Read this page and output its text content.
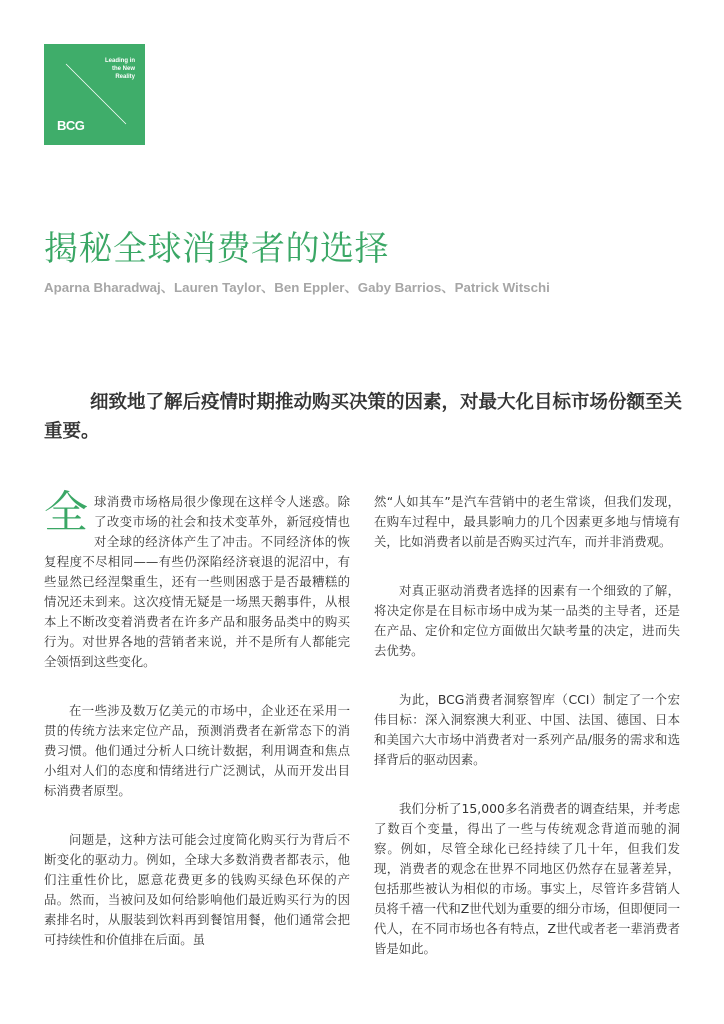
Leading in
the New
Reality
BCG
揭秘全球消费者的选择
Aparna Bharadwaj、Lauren Taylor、Ben Eppler、Gaby Barrios、Patrick Witschi

细致地了解后疫情时期推动购买决策的因素，对最大化目标市场份额至关重要。

全球消费市场格局很少像现在这样令人迷惑。除了改变市场的社会和技术变革外，新冠疫情也对全球的经济体产生了冲击。不同经济体的恢复程度不尽相同——有些仍深陷经济衰退的泥沼中，有些显然已经涅槃重生，还有一些则困惑于是否最糟糕的情况还未到来。这次疫情无疑是一场黑天鹅事件，从根本上不断改变着消费者在许多产品和服务品类中的购买行为。对世界各地的营销者来说，并不是所有人都能完全领悟到这些变化。

在一些涉及数万亿美元的市场中，企业还在采用一贯的传统方法来定位产品，预测消费者在新常态下的消费习惯。他们通过分析人口统计数据，利用调查和焦点小组对人们的态度和情绪进行广泛测试，从而开发出目标消费者原型。

问题是，这种方法可能会过度简化购买行为背后不断变化的驱动力。例如，全球大多数消费者都表示，他们注重性价比，愿意花费更多的钱购买绿色环保的产品。然而，当被问及如何给影响他们最近购买行为的因素排名时，从服装到饮料再到餐馆用餐，他们通常会把可持续性和价值排在后面。虽

然“人如其车”是汽车营销中的老生常谈，但我们发现，在购车过程中，最具影响力的几个因素更多地与情境有关，比如消费者以前是否购买过汽车，而并非消费观。

对真正驱动消费者选择的因素有一个细致的了解，将决定你是在目标市场中成为某一品类的主导者，还是在产品、定价和定位方面做出欠缺考量的决定，进而失去优势。

为此，BCG消费者洞察智库（CCI）制定了一个宏伟目标：深入洞察澳大利亚、中国、法国、德国、日本和美国六大市场中消费者对一系列产品/服务的需求和选择背后的驱动因素。

我们分析了15,000多名消费者的调查结果，并考虑了数百个变量，得出了一些与传统观念背道而驰的洞察。例如，尽管全球化已经持续了几十年，但我们发现，消费者的观念在世界不同地区仍然存在显著差异，包括那些被认为相似的市场。事实上，尽管许多营销人员将千禧一代和Z世代划为重要的细分市场，但即便同一代人，在不同市场也各有特点，Z世代或者老一辈消费者皆是如此。
